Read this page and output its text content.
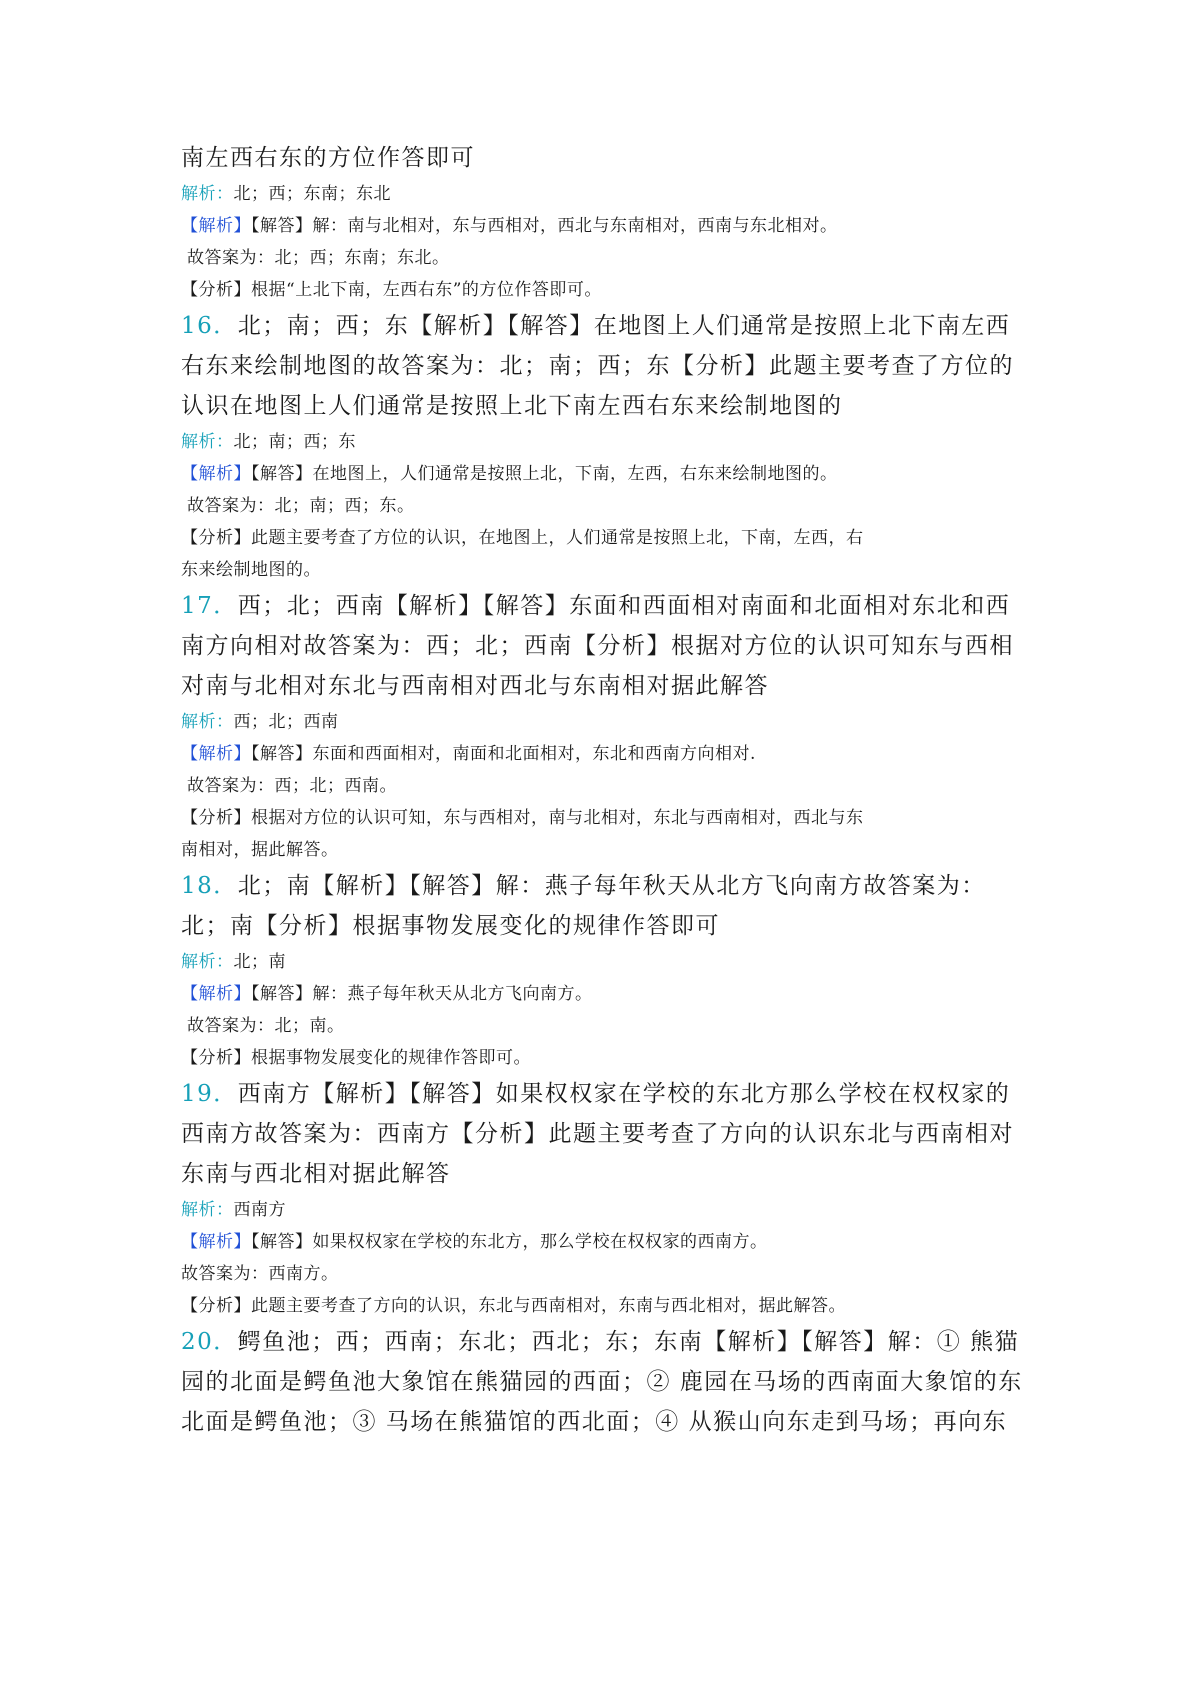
南左西右东的方位作答即可

解析：北；西；东南；东北

【解析】【解答】解：南与北相对，东与西相对，西北与东南相对，西南与东北相对。

故答案为：北；西；东南；东北。

【分析】根据“上北下南，左西右东”的方位作答即可。

16．北；南；西；东【解析】【解答】在地图上人们通常是按照上北下南左西

右东来绘制地图的故答案为：北；南；西；东【分析】此题主要考查了方位的

认识在地图上人们通常是按照上北下南左西右东来绘制地图的

解析：北；南；西；东

【解析】【解答】在地图上，人们通常是按照上北，下南，左西，右东来绘制地图的。

故答案为：北；南；西；东。

【分析】此题主要考查了方位的认识，在地图上，人们通常是按照上北，下南，左西，右

东来绘制地图的。

17．西；北；西南【解析】【解答】东面和西面相对南面和北面相对东北和西

南方向相对故答案为：西；北；西南【分析】根据对方位的认识可知东与西相

对南与北相对东北与西南相对西北与东南相对据此解答

解析：西；北；西南

【解析】【解答】东面和西面相对，南面和北面相对，东北和西南方向相对.

故答案为：西；北；西南。

【分析】根据对方位的认识可知，东与西相对，南与北相对，东北与西南相对，西北与东

南相对，据此解答。

18．北；南【解析】【解答】解：燕子每年秋天从北方飞向南方故答案为：

北；南【分析】根据事物发展变化的规律作答即可

解析：北；南

【解析】【解答】解：燕子每年秋天从北方飞向南方。

故答案为：北；南。

【分析】根据事物发展变化的规律作答即可。

19．西南方【解析】【解答】如果权权家在学校的东北方那么学校在权权家的

西南方故答案为：西南方【分析】此题主要考查了方向的认识东北与西南相对

东南与西北相对据此解答

解析：西南方

【解析】【解答】如果权权家在学校的东北方，那么学校在权权家的西南方。

故答案为：西南方。

【分析】此题主要考查了方向的认识，东北与西南相对，东南与西北相对，据此解答。

20．鳄鱼池；西；西南；东北；西北；东；东南【解析】【解答】解：① 熊猫

园的北面是鳄鱼池大象馆在熊猫园的西面；② 鹿园在马场的西南面大象馆的东

北面是鳄鱼池；③ 马场在熊猫馆的西北面；④ 从猴山向东走到马场；再向东
